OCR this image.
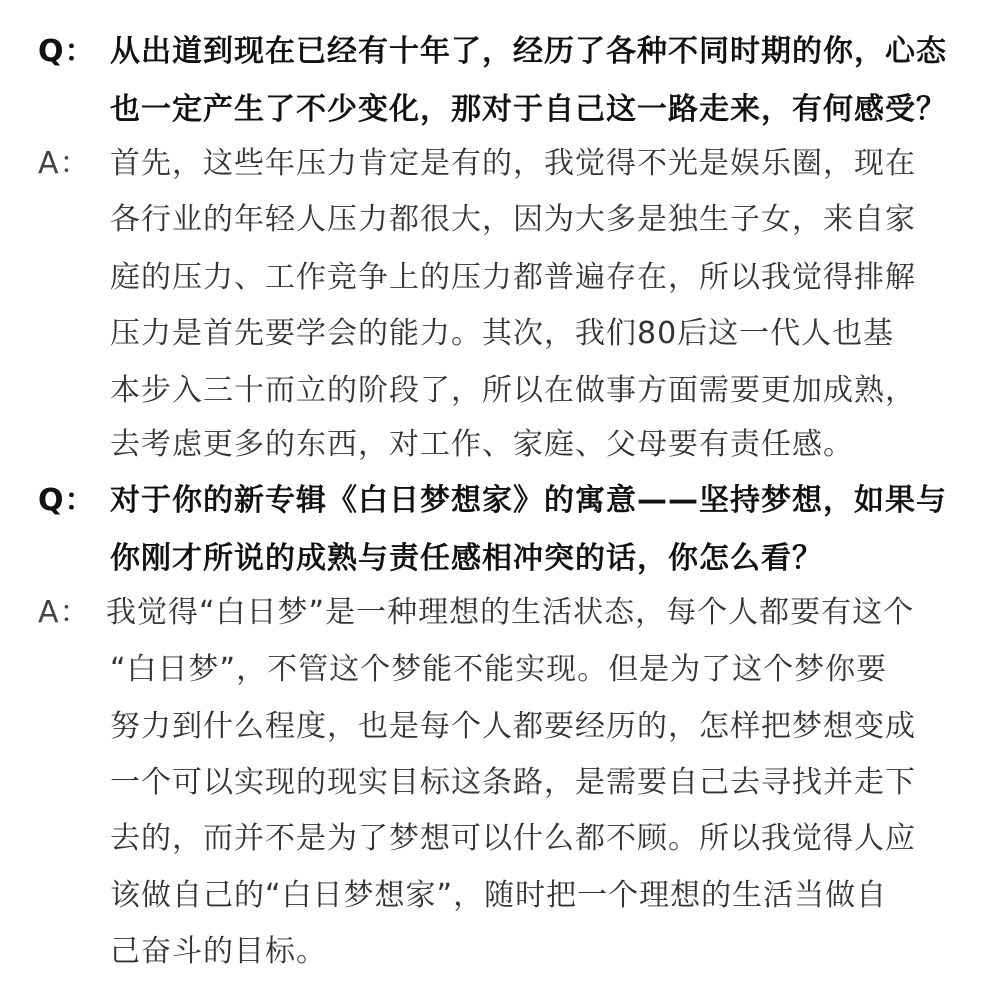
Q： 从出道到现在已经有十年了，经历了各种不同时期的你，心态
也一定产生了不少变化，那对于自己这一路走来，有何感受？
A： 首先，这些年压力肯定是有的，我觉得不光是娱乐圈，现在
各行业的年轻人压力都很大，因为大多是独生子女，来自家
庭的压力、工作竞争上的压力都普遍存在，所以我觉得排解
压力是首先要学会的能力。其次，我们80后这一代人也基
本步入三十而立的阶段了，所以在做事方面需要更加成熟，
去考虑更多的东西，对工作、家庭、父母要有责任感。
Q： 对于你的新专辑《白日梦想家》的寓意——坚持梦想，如果与
你刚才所说的成熟与责任感相冲突的话，你怎么看？
A： 我觉得“白日梦”是一种理想的生活状态，每个人都要有这个
“白日梦”，不管这个梦能不能实现。但是为了这个梦你要
努力到什么程度，也是每个人都要经历的，怎样把梦想变成
一个可以实现的现实目标这条路，是需要自己去寻找并走下
去的，而并不是为了梦想可以什么都不顾。所以我觉得人应
该做自己的“白日梦想家”，随时把一个理想的生活当做自
己奋斗的目标。
